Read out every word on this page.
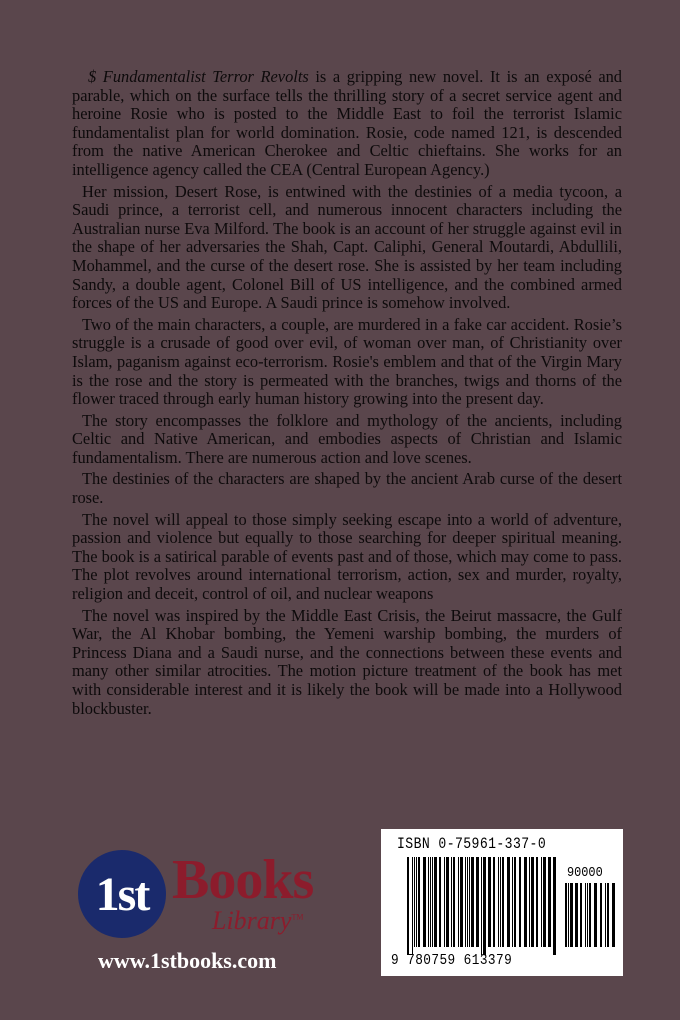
$ Fundamentalist Terror Revolts is a gripping new novel. It is an exposé and parable, which on the surface tells the thrilling story of a secret service agent and heroine Rosie who is posted to the Middle East to foil the terrorist Islamic fundamentalist plan for world domination. Rosie, code named 121, is descended from the native American Cherokee and Celtic chieftains. She works for an intelligence agency called the CEA (Central European Agency.)

Her mission, Desert Rose, is entwined with the destinies of a media tycoon, a Saudi prince, a terrorist cell, and numerous innocent characters including the Australian nurse Eva Milford. The book is an account of her struggle against evil in the shape of her adversaries the Shah, Capt. Caliphi, General Moutardi, Abdullili, Mohammel, and the curse of the desert rose. She is assisted by her team including Sandy, a double agent, Colonel Bill of US intelligence, and the combined armed forces of the US and Europe. A Saudi prince is somehow involved.

Two of the main characters, a couple, are murdered in a fake car accident. Rosie’s struggle is a crusade of good over evil, of woman over man, of Christianity over Islam, paganism against eco-terrorism. Rosie's emblem and that of the Virgin Mary is the rose and the story is permeated with the branches, twigs and thorns of the flower traced through early human history growing into the present day.

The story encompasses the folklore and mythology of the ancients, including Celtic and Native American, and embodies aspects of Christian and Islamic fundamentalism. There are numerous action and love scenes.

The destinies of the characters are shaped by the ancient Arab curse of the desert rose.

The novel will appeal to those simply seeking escape into a world of adventure, passion and violence but equally to those searching for deeper spiritual meaning. The book is a satirical parable of events past and of those, which may come to pass. The plot revolves around international terrorism, action, sex and murder, royalty, religion and deceit, control of oil, and nuclear weapons

The novel was inspired by the Middle East Crisis, the Beirut massacre, the Gulf War, the Al Khobar bombing, the Yemeni warship bombing, the murders of Princess Diana and a Saudi nurse, and the connections between these events and many other similar atrocities. The motion picture treatment of the book has met with considerable interest and it is likely the book will be made into a Hollywood blockbuster.

1st Books
Library™
www.1stbooks.com
ISBN 0-75961-337-0
90000
9 780759 613379
